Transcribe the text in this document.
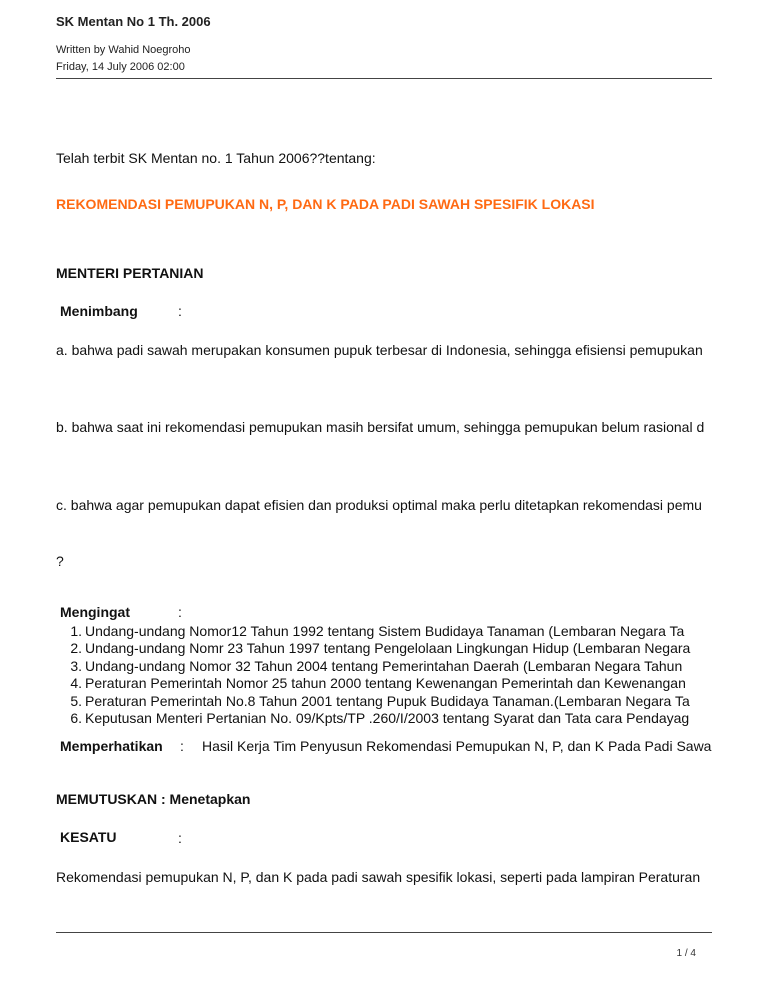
SK Mentan No 1 Th. 2006
Written by Wahid Noegroho
Friday, 14 July 2006 02:00
Telah terbit SK Mentan no. 1 Tahun 2006??tentang:
REKOMENDASI PEMUPUKAN N, P, DAN K PADA PADI SAWAH SPESIFIK LOKASI
MENTERI PERTANIAN
Menimbang	:
a. bahwa padi sawah merupakan konsumen pupuk terbesar di Indonesia, sehingga efisiensi pemupukan
b. bahwa saat ini rekomendasi pemupukan masih bersifat umum, sehingga pemupukan belum rasional d
c. bahwa agar pemupukan dapat efisien dan produksi optimal maka perlu ditetapkan rekomendasi pemu
?
Mengingat	:
1. Undang-undang Nomor12 Tahun 1992 tentang Sistem Budidaya Tanaman (Lembaran Negara Ta
2. Undang-undang Nomr 23 Tahun 1997 tentang Pengelolaan Lingkungan Hidup (Lembaran Negara
3. Undang-undang Nomor 32 Tahun 2004 tentang Pemerintahan Daerah (Lembaran Negara Tahun
4. Peraturan Pemerintah Nomor 25 tahun 2000 tentang Kewenangan Pemerintah dan Kewenangan
5. Peraturan Pemerintah No.8 Tahun 2001 tentang Pupuk Budidaya Tanaman.(Lembaran Negara Ta
6. Keputusan Menteri Pertanian No. 09/Kpts/TP .260/I/2003 tentang Syarat dan Tata cara Pendayag
Memperhatikan : Hasil Kerja Tim Penyusun Rekomendasi Pemupukan N, P, dan K Pada Padi Sawa
MEMUTUSKAN : Menetapkan
KESATU	:
Rekomendasi pemupukan N, P, dan K pada padi sawah spesifik lokasi, seperti pada lampiran Peraturan
1 / 4
